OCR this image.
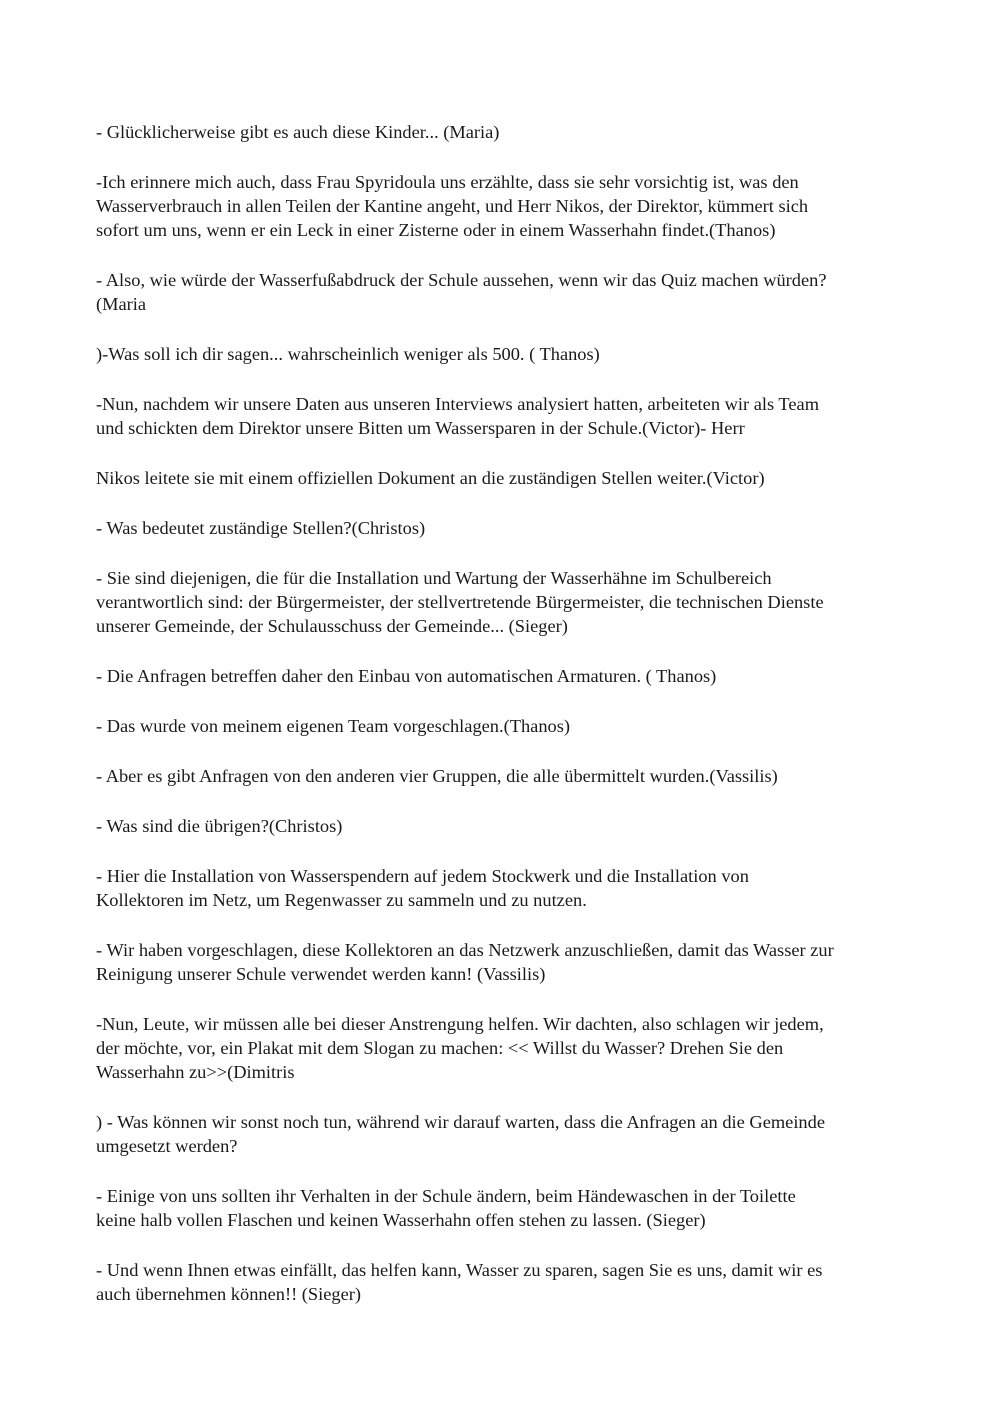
- Glücklicherweise gibt es auch diese Kinder... (Maria)

-Ich erinnere mich auch, dass Frau Spyridoula uns erzählte, dass sie sehr vorsichtig ist, was den
Wasserverbrauch in allen Teilen der Kantine angeht, und Herr Nikos, der Direktor, kümmert sich
sofort um uns, wenn er ein Leck in einer Zisterne oder in einem Wasserhahn findet.(Thanos)

- Also, wie würde der Wasserfußabdruck der Schule aussehen, wenn wir das Quiz machen würden?
(Maria

)-Was soll ich dir sagen... wahrscheinlich weniger als 500. ( Thanos)

-Nun, nachdem wir unsere Daten aus unseren Interviews analysiert hatten, arbeiteten wir als Team
und schickten dem Direktor unsere Bitten um Wassersparen in der Schule.(Victor)- Herr

Nikos leitete sie mit einem offiziellen Dokument an die zuständigen Stellen weiter.(Victor)

- Was bedeutet zuständige Stellen?(Christos)

- Sie sind diejenigen, die für die Installation und Wartung der Wasserhähne im Schulbereich
verantwortlich sind: der Bürgermeister, der stellvertretende Bürgermeister, die technischen Dienste
unserer Gemeinde, der Schulausschuss der Gemeinde... (Sieger)

- Die Anfragen betreffen daher den Einbau von automatischen Armaturen. ( Thanos)

- Das wurde von meinem eigenen Team vorgeschlagen.(Thanos)

- Aber es gibt Anfragen von den anderen vier Gruppen, die alle übermittelt wurden.(Vassilis)

- Was sind die übrigen?(Christos)

- Hier die Installation von Wasserspendern auf jedem Stockwerk und die Installation von
Kollektoren im Netz, um Regenwasser zu sammeln und zu nutzen.

- Wir haben vorgeschlagen, diese Kollektoren an das Netzwerk anzuschließen, damit das Wasser zur
Reinigung unserer Schule verwendet werden kann! (Vassilis)

-Nun, Leute, wir müssen alle bei dieser Anstrengung helfen. Wir dachten, also schlagen wir jedem,
der möchte, vor, ein Plakat mit dem Slogan zu machen: << Willst du Wasser? Drehen Sie den
Wasserhahn zu>>(Dimitris

) - Was können wir sonst noch tun, während wir darauf warten, dass die Anfragen an die Gemeinde
umgesetzt werden?

- Einige von uns sollten ihr Verhalten in der Schule ändern, beim Händewaschen in der Toilette
keine halb vollen Flaschen und keinen Wasserhahn offen stehen zu lassen. (Sieger)

- Und wenn Ihnen etwas einfällt, das helfen kann, Wasser zu sparen, sagen Sie es uns, damit wir es
auch übernehmen können!! (Sieger)
